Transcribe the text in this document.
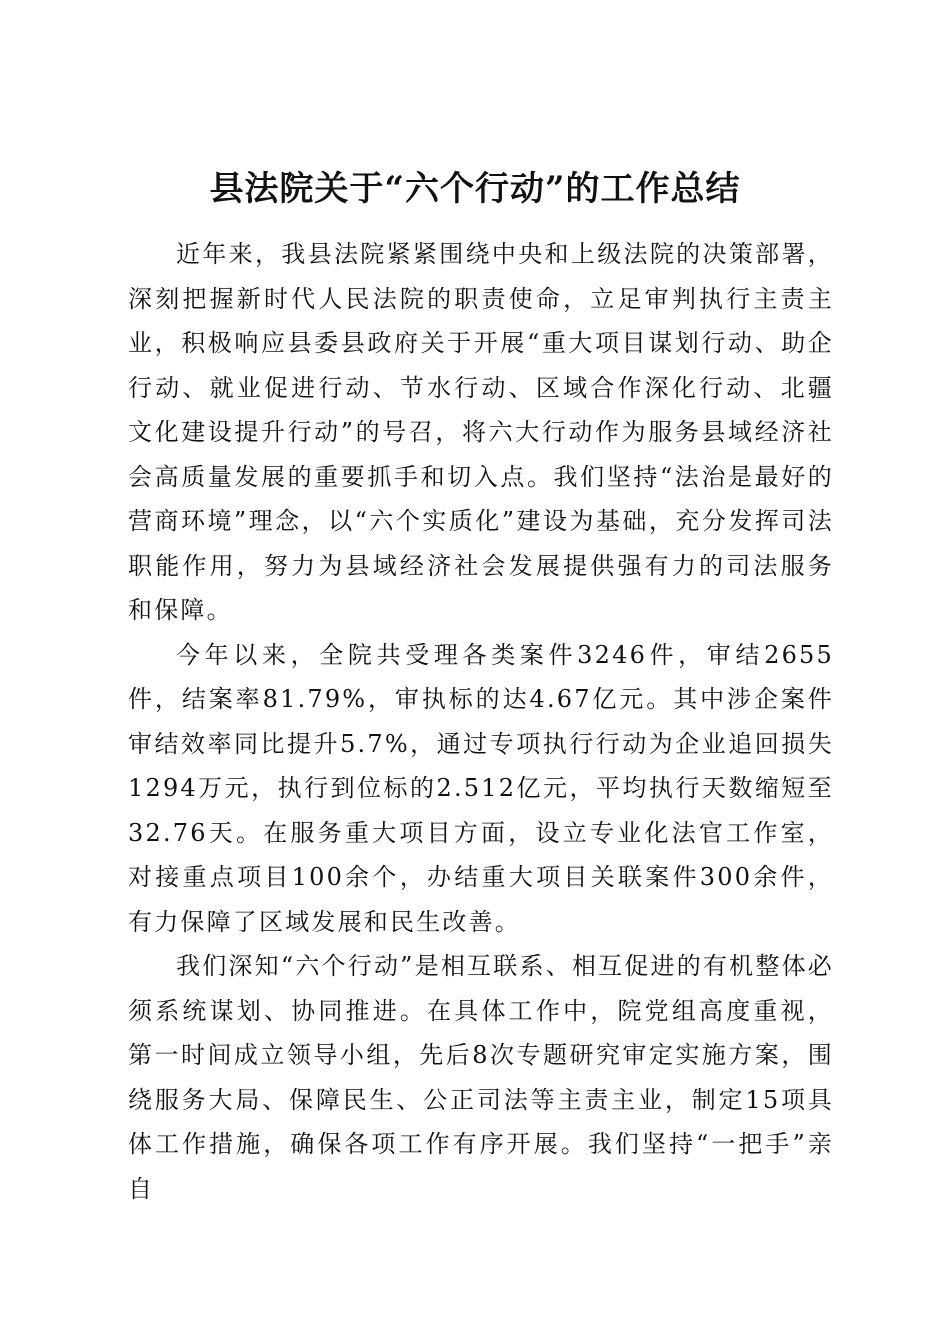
县法院关于“六个行动”的工作总结

近年来，我县法院紧紧围绕中央和上级法院的决策部署，深刻把握新时代人民法院的职责使命，立足审判执行主责主业，积极响应县委县政府关于开展“重大项目谋划行动、助企行动、就业促进行动、节水行动、区域合作深化行动、北疆文化建设提升行动”的号召，将六大行动作为服务县域经济社会高质量发展的重要抓手和切入点。我们坚持“法治是最好的营商环境”理念，以“六个实质化”建设为基础，充分发挥司法职能作用，努力为县域经济社会发展提供强有力的司法服务和保障。

今年以来，全院共受理各类案件3246件，审结2655件，结案率81.79%，审执标的达4.67亿元。其中涉企案件审结效率同比提升5.7%，通过专项执行行动为企业追回损失1294万元，执行到位标的2.512亿元，平均执行天数缩短至32.76天。在服务重大项目方面，设立专业化法官工作室，对接重点项目100余个，办结重大项目关联案件300余件，有力保障了区域发展和民生改善。

我们深知“六个行动”是相互联系、相互促进的有机整体必须系统谋划、协同推进。在具体工作中，院党组高度重视，第一时间成立领导小组，先后8次专题研究审定实施方案，围绕服务大局、保障民生、公正司法等主责主业，制定15项具体工作措施，确保各项工作有序开展。我们坚持“一把手”亲自
